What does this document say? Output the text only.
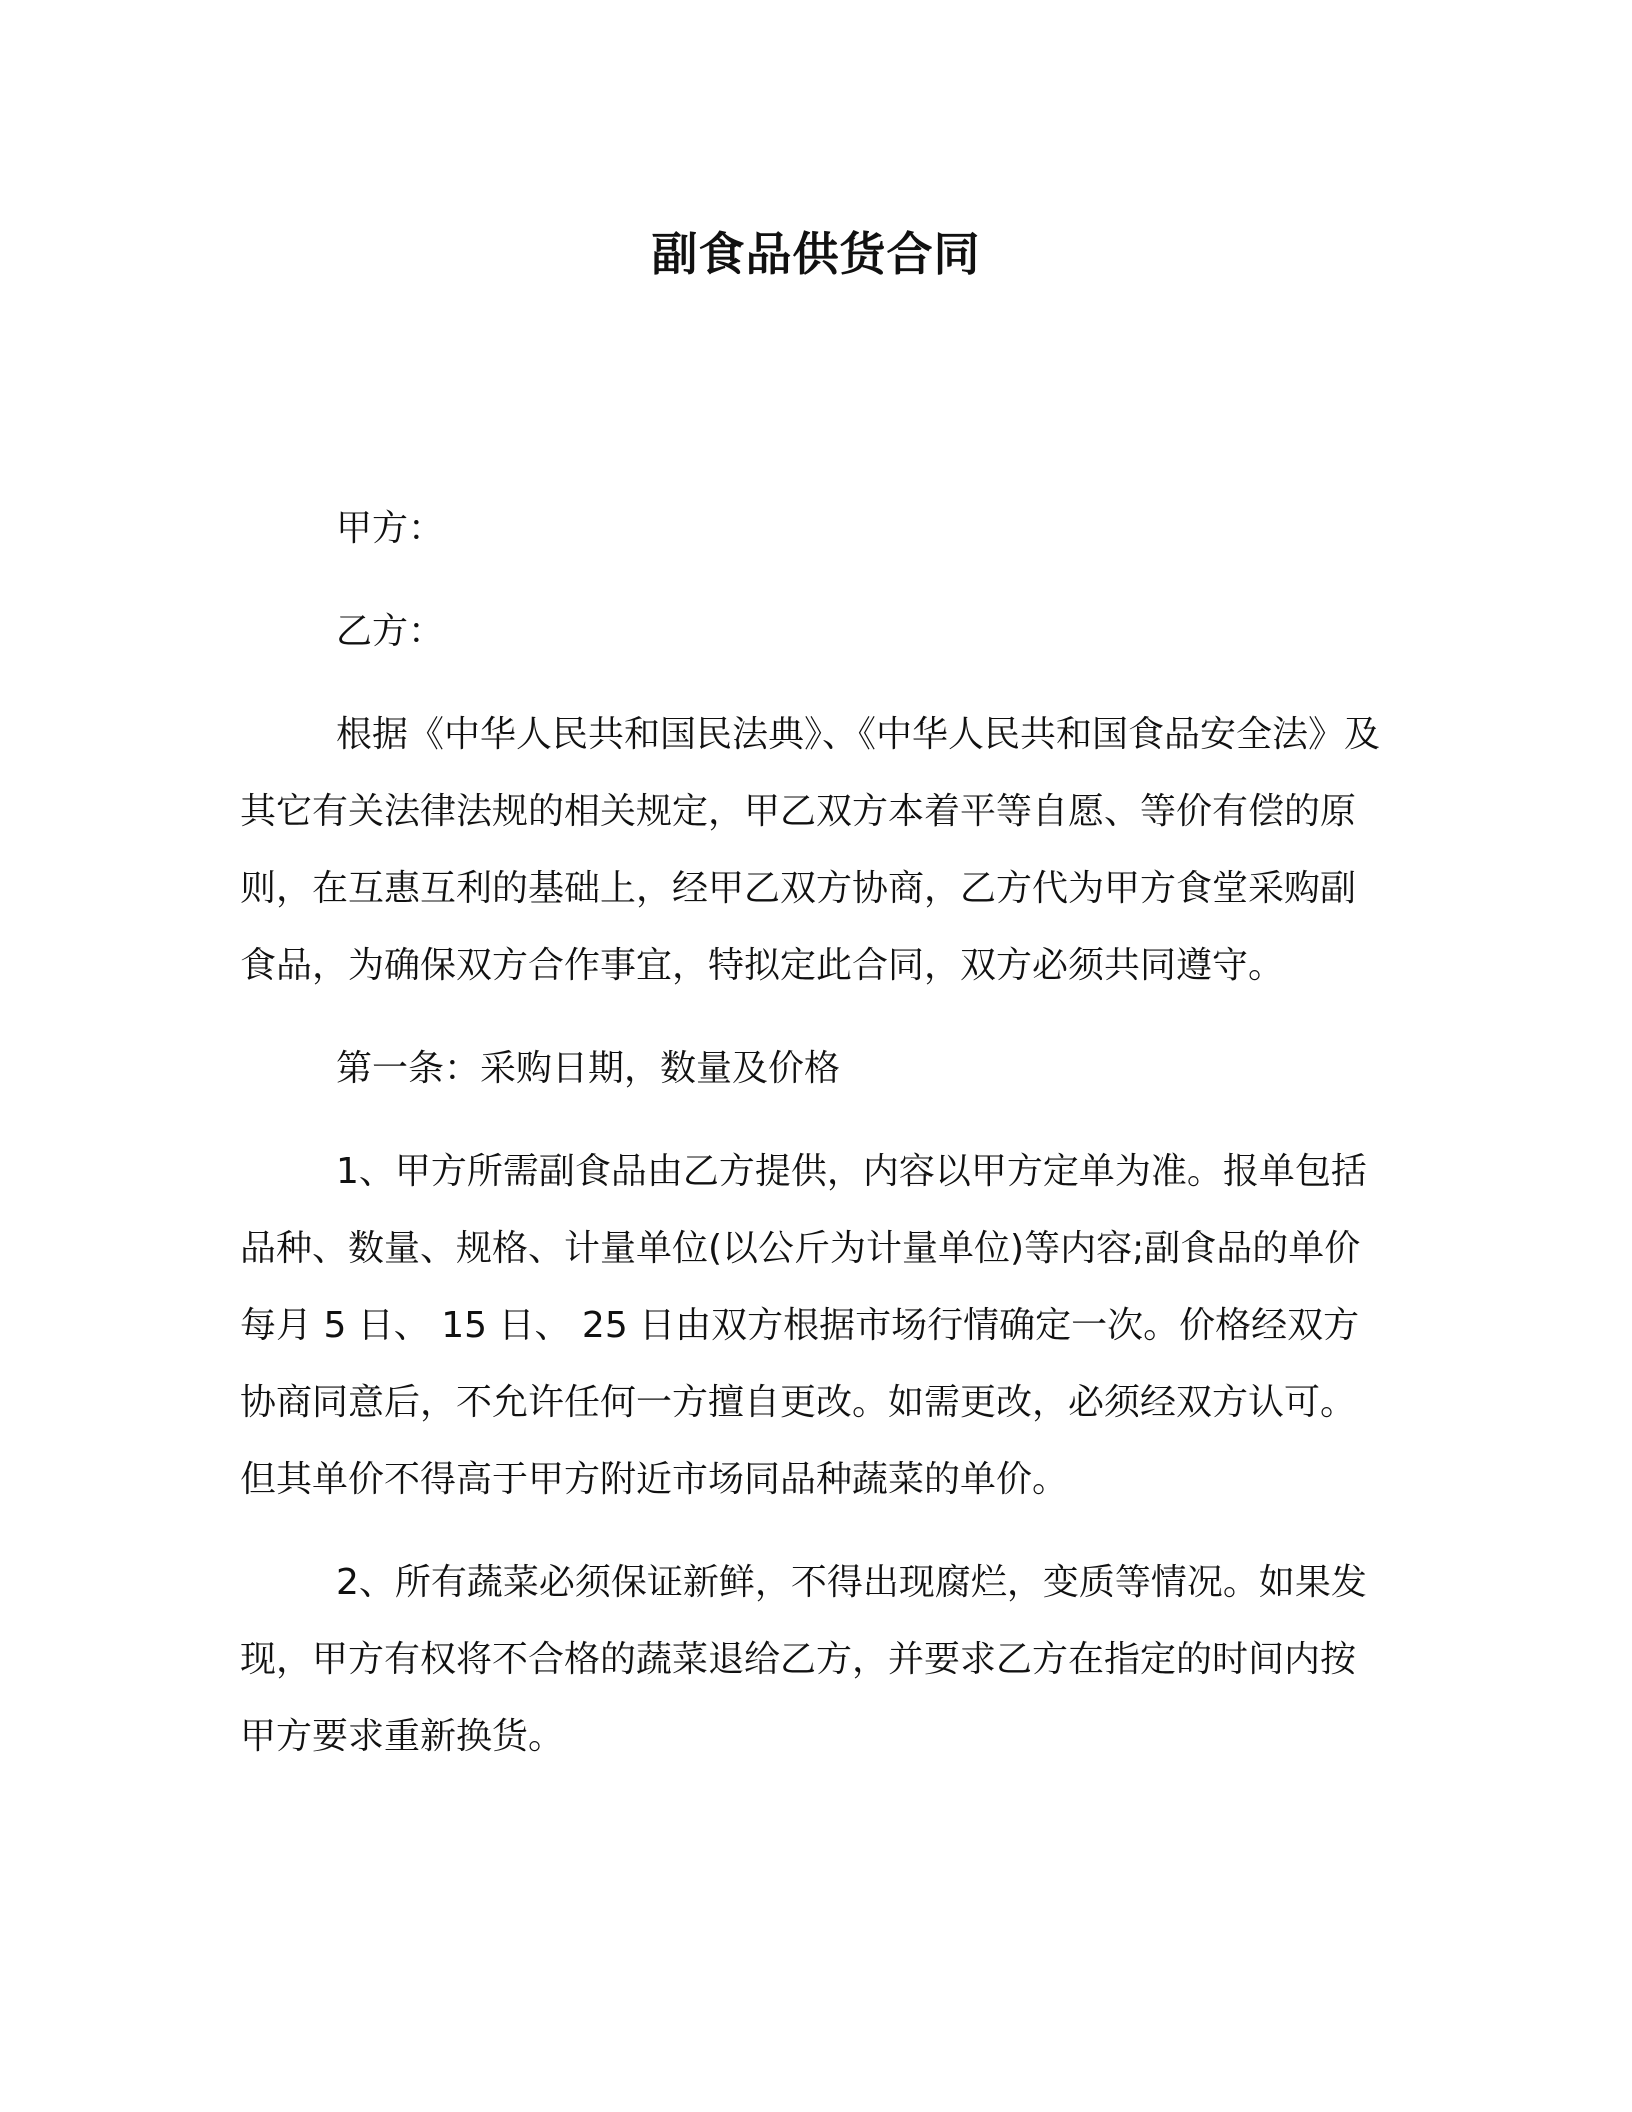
副食品供货合同

甲方：

乙方：

根据《中华人民共和国民法典》、《中华人民共和国食品安全法》及其它有关法律法规的相关规定，甲乙双方本着平等自愿、等价有偿的原则，在互惠互利的基础上，经甲乙双方协商，乙方代为甲方食堂采购副食品，为确保双方合作事宜，特拟定此合同，双方必须共同遵守。

第一条：采购日期，数量及价格

1、甲方所需副食品由乙方提供，内容以甲方定单为准。报单包括品种、数量、规格、计量单位(以公斤为计量单位)等内容;副食品的单价每月 5 日、 15 日、 25 日由双方根据市场行情确定一次。价格经双方协商同意后，不允许任何一方擅自更改。如需更改，必须经双方认可。但其单价不得高于甲方附近市场同品种蔬菜的单价。

2、所有蔬菜必须保证新鲜，不得出现腐烂，变质等情况。如果发现，甲方有权将不合格的蔬菜退给乙方，并要求乙方在指定的时间内按甲方要求重新换货。
